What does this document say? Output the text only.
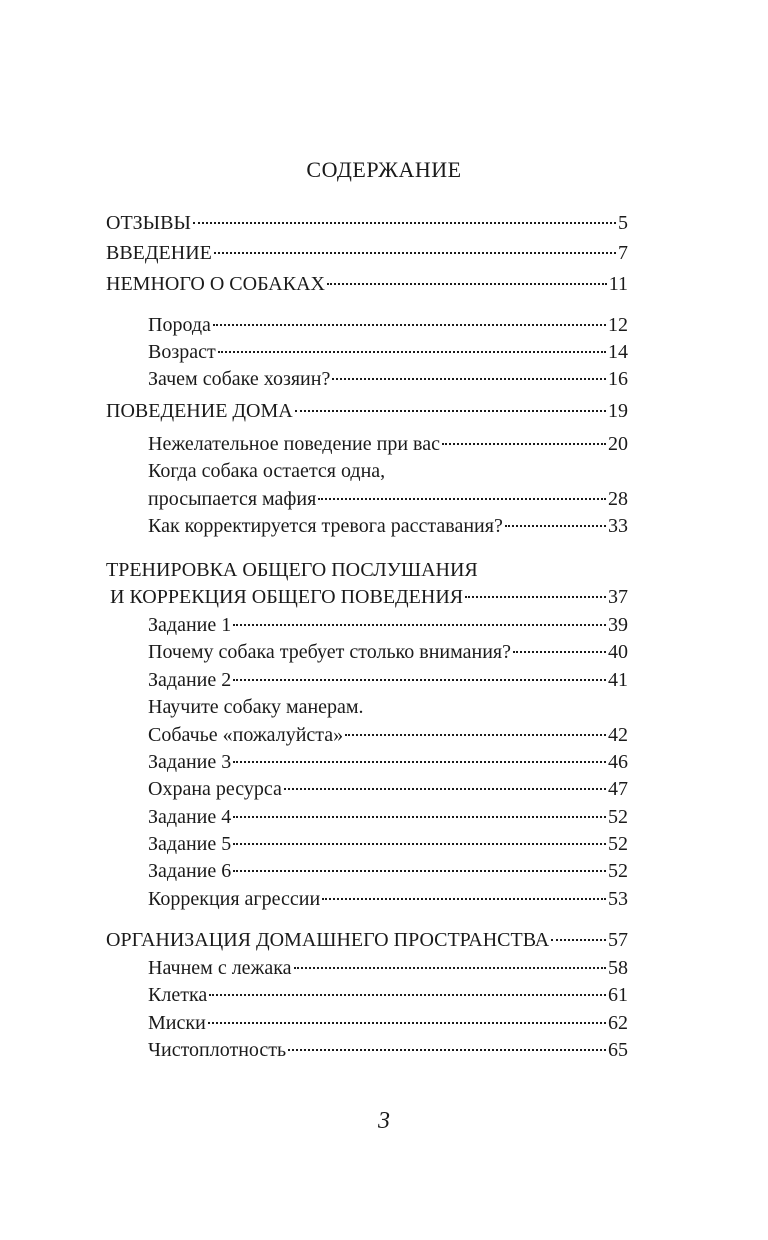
СОДЕРЖАНИЕ
ОТЗЫВЫ	5
ВВЕДЕНИЕ	7
НЕМНОГО О СОБАКАХ	11
Порода	12
Возраст	14
Зачем собаке хозяин?	16
ПОВЕДЕНИЕ ДОМА	19
Нежелательное поведение при вас	20
Когда собака остается одна,
просыпается мафия	28
Как корректируется тревога расставания?	33
ТРЕНИРОВКА ОБЩЕГО ПОСЛУШАНИЯ
И КОРРЕКЦИЯ ОБЩЕГО ПОВЕДЕНИЯ	37
Задание 1	39
Почему собака требует столько внимания?	40
Задание 2	41
Научите собаку манерам.
Собачье «пожалуйста»	42
Задание 3	46
Охрана ресурса	47
Задание 4	52
Задание 5	52
Задание 6	52
Коррекция агрессии	53
ОРГАНИЗАЦИЯ ДОМАШНЕГО ПРОСТРАНСТВА	57
Начнем с лежака	58
Клетка	61
Миски	62
Чистоплотность	65
3
